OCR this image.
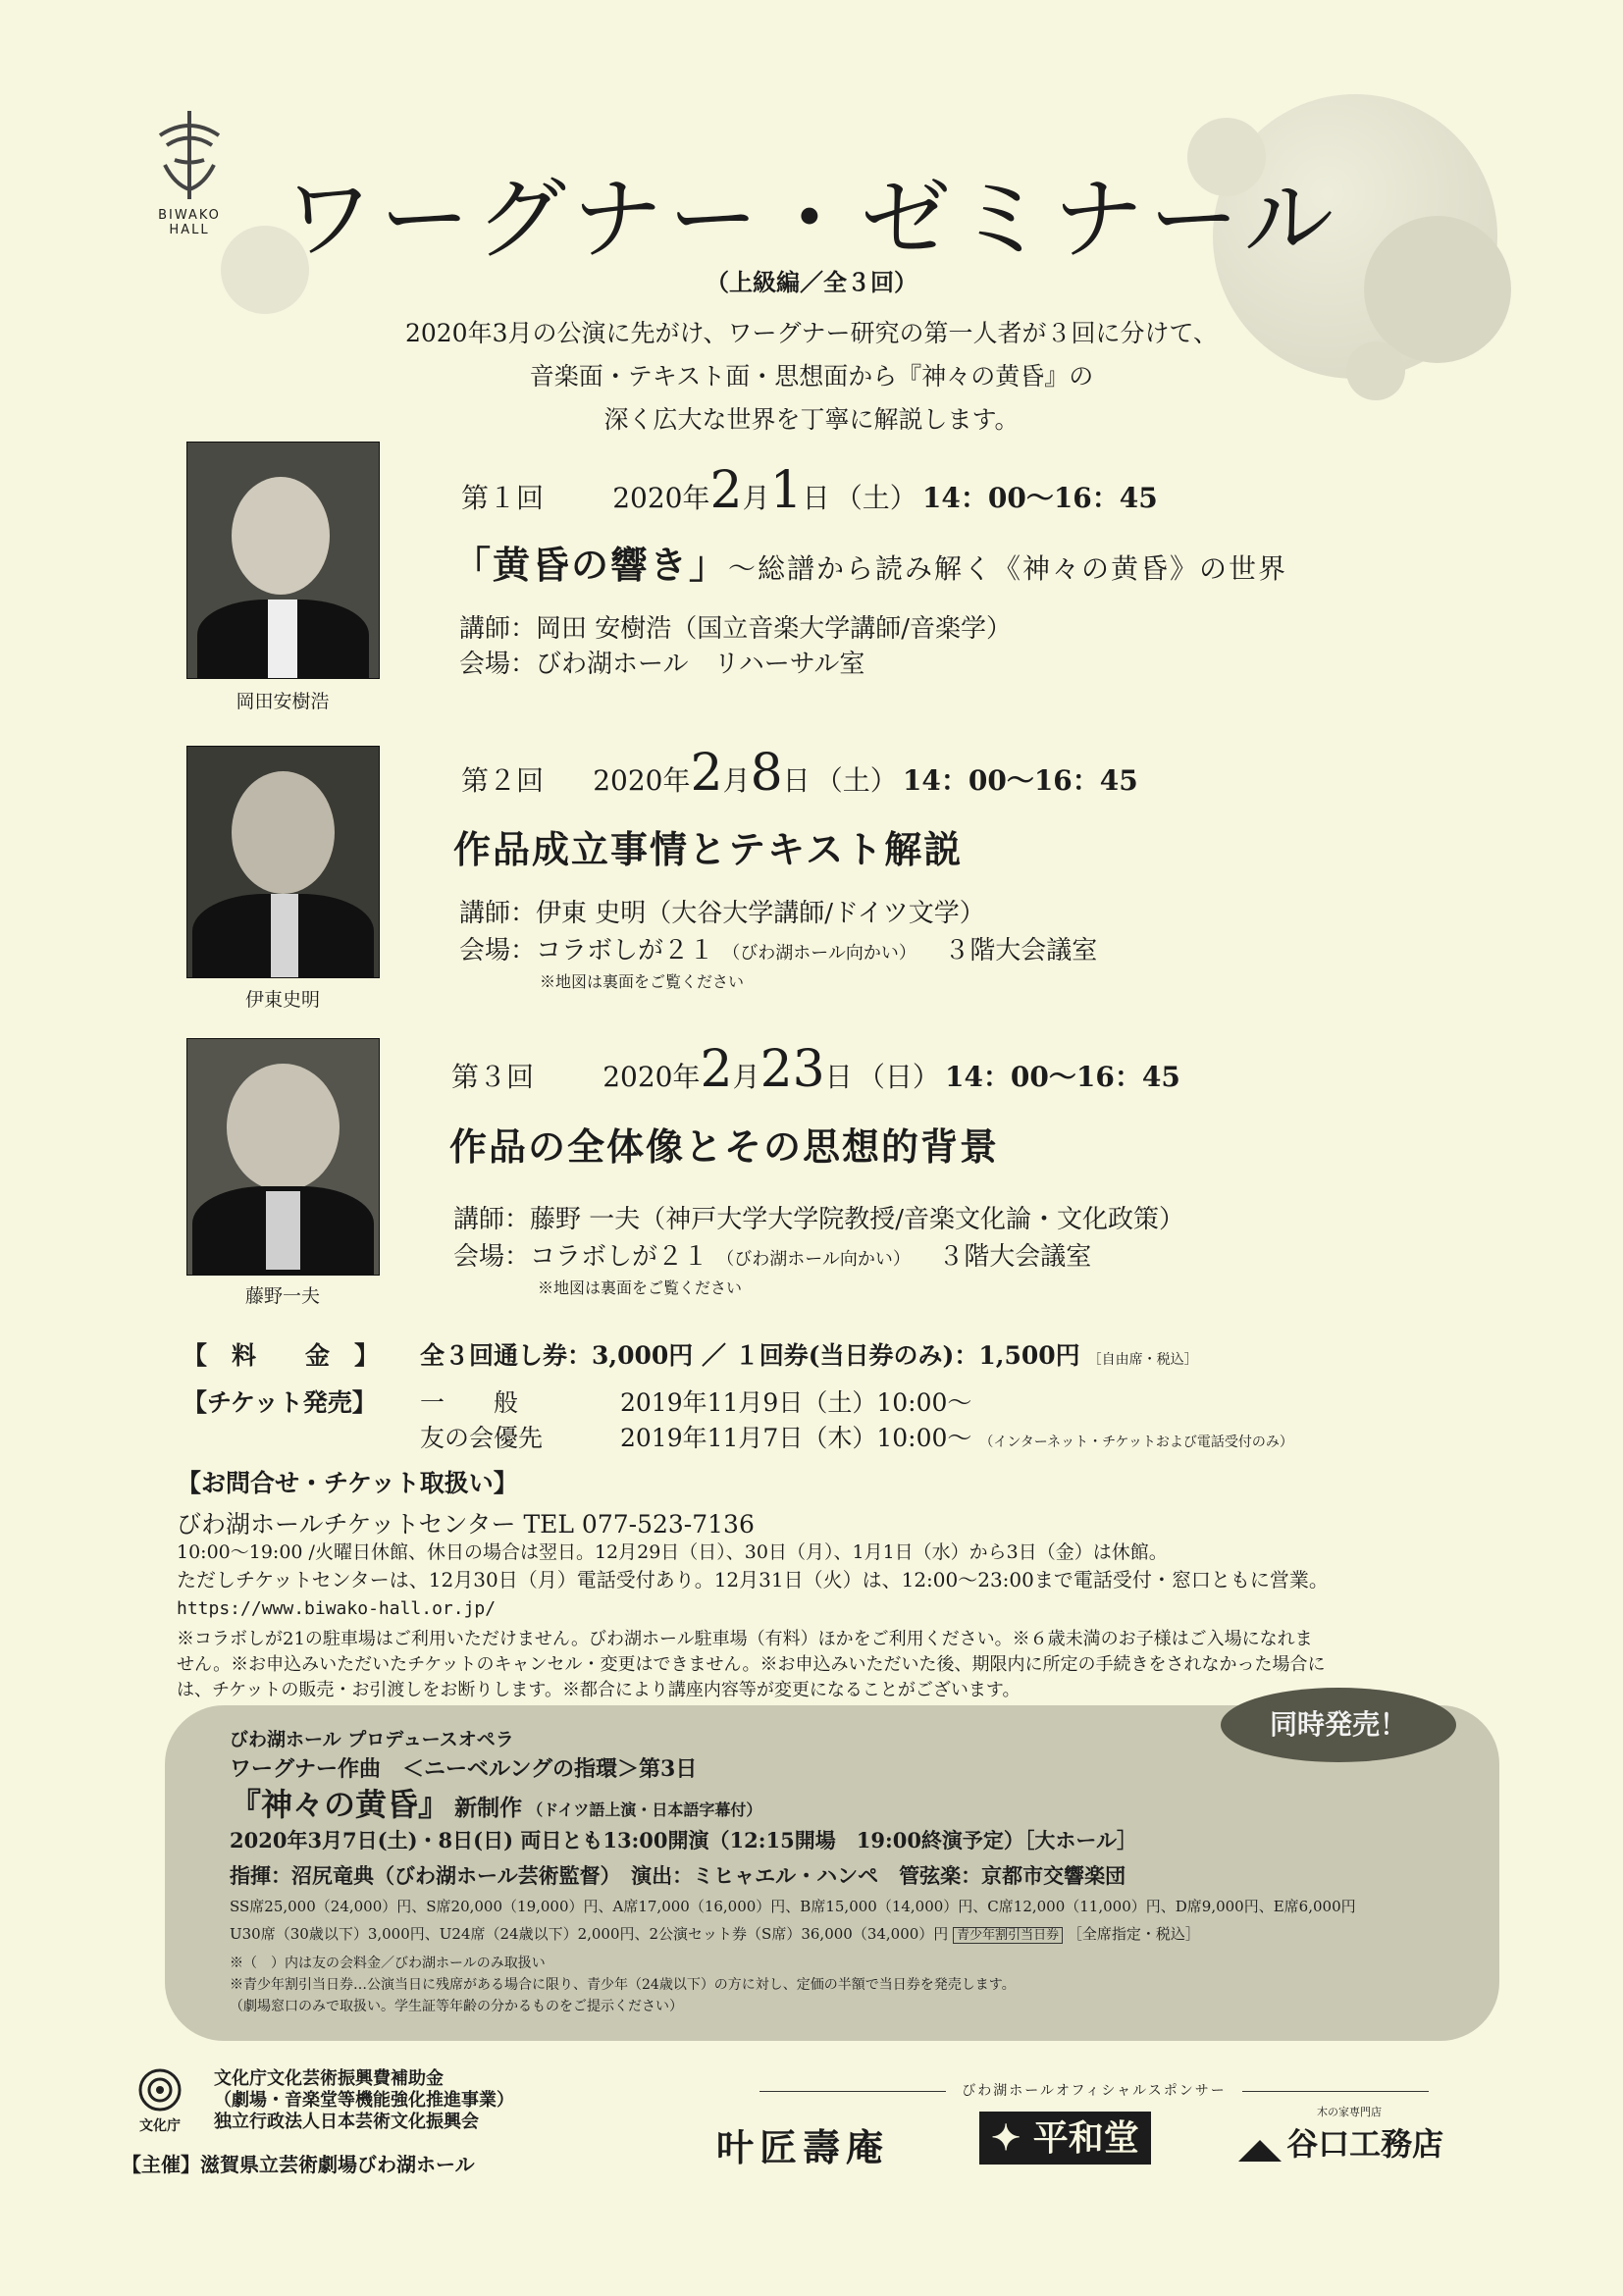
BIWAKO
HALL ワーグナー・ゼミナール
（上級編／全３回）
2020年3月の公演に先がけ、ワーグナー研究の第一人者が３回に分けて、
音楽面・テキスト面・思想面から『神々の黄昏』の
深く広大な世界を丁寧に解説します。
岡田安樹浩
第１回	2020年2月1日 （土） 14：00〜16：45
「黄昏の響き」〜総譜から読み解く《神々の黄昏》の世界
講師：岡田 安樹浩（国立音楽大学講師/音楽学）
会場：びわ湖ホール　リハーサル室
伊東史明
第２回 2020年2月8日 （土） 14：00〜16：45
作品成立事情とテキスト解説
講師：伊東 史明（大谷大学講師/ドイツ文学）
会場：コラボしが２１ （びわ湖ホール向かい） ３階大会議室
※地図は裏面をご覧ください
藤野一夫
第３回	2020年2月23日 （日） 14：00〜16：45
作品の全体像とその思想的背景
講師：藤野 一夫（神戸大学大学院教授/音楽文化論・文化政策）
会場：コラボしが２１ （びわ湖ホール向かい） ３階大会議室
※地図は裏面をご覧ください
【　料　　金　】 全３回通し券：3,000円 ／ １回券(当日券のみ)：1,500円 ［自由席・税込］
【チケット発売】 一　　般	2019年11月9日（土）10:00〜
友の会優先	2019年11月7日（木）10:00〜 （インターネット・チケットおよび電話受付のみ）
【お問合せ・チケット取扱い】
びわ湖ホールチケットセンター TEL 077-523-7136
10:00〜19:00 /火曜日休館、休日の場合は翌日。12月29日（日）、30日（月）、1月1日（水）から3日（金）は休館。
ただしチケットセンターは、12月30日（月）電話受付あり。12月31日（火）は、12:00〜23:00まで電話受付・窓口ともに営業。
https://www.biwako-hall.or.jp/
※コラボしが21の駐車場はご利用いただけません。びわ湖ホール駐車場（有料）ほかをご利用ください。※６歳未満のお子様はご入場になれま
せん。※お申込みいただいたチケットのキャンセル・変更はできません。※お申込みいただいた後、期限内に所定の手続きをされなかった場合に
は、チケットの販売・お引渡しをお断りします。※都合により講座内容等が変更になることがございます。
同時発売！
びわ湖ホール プロデュースオペラ
ワーグナー作曲　＜ニーベルングの指環＞第3日
『神々の黄昏』 新制作 （ドイツ語上演・日本語字幕付）
2020年3月7日(土)・8日(日) 両日とも13:00開演（12:15開場　19:00終演予定）［大ホール］
指揮：沼尻竜典（びわ湖ホール芸術監督）　演出：ミヒャエル・ハンペ　管弦楽：京都市交響楽団
SS席25,000（24,000）円、S席20,000（19,000）円、A席17,000（16,000）円、B席15,000（14,000）円、C席12,000（11,000）円、D席9,000円、E席6,000円
U30席（30歳以下）3,000円、U24席（24歳以下）2,000円、2公演セット券（S席）36,000（34,000）円 青少年割引当日券 ［全席指定・税込］
※（　）内は友の会料金／びわ湖ホールのみ取扱い
※青少年割引当日券…公演当日に残席がある場合に限り、青少年（24歳以下）の方に対し、定価の半額で当日券を発売します。
（劇場窓口のみで取扱い。学生証等年齢の分かるものをご提示ください）
文化庁
文化庁文化芸術振興費補助金
（劇場・音楽堂等機能強化推進事業）
独立行政法人日本芸術文化振興会
【主催】滋賀県立芸術劇場びわ湖ホール
びわ湖ホールオフィシャルスポンサー
叶匠壽庵	✦ 平和堂
木の家専門店
谷口工務店
